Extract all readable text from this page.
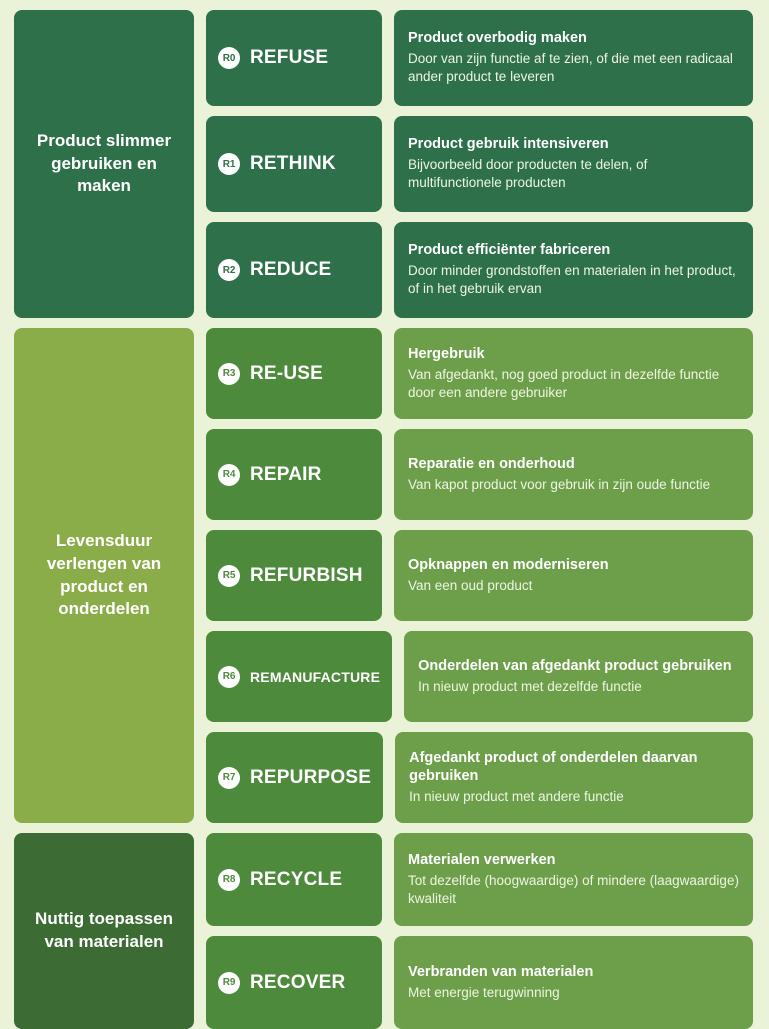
Product slimmer gebruiken en maken
R0 REFUSE
Product overbodig maken
Door van zijn functie af te zien, of die met een radicaal ander product te leveren
R1 RETHINK
Product gebruik intensiveren
Bijvoorbeeld door producten te delen, of multifunctionele producten
R2 REDUCE
Product efficiënter fabriceren
Door minder grondstoffen en materialen in het product, of in het gebruik ervan
Levensduur verlengen van product en onderdelen
R3 RE-USE
Hergebruik
Van afgedankt, nog goed product in dezelfde functie door een andere gebruiker
R4 REPAIR	Reparatie en onderhoud
Van kapot product voor gebruik in zijn oude functie
R5 REFURBISH	Opknappen en moderniseren
Van een oud product
R6	REMANUFACTURE
Onderdelen van afgedankt product gebruiken
In nieuw product met dezelfde functie
R7 REPURPOSE
Afgedankt product of onderdelen daarvan gebruiken
In nieuw product met andere functie
Nuttig toepassen van materialen
R8 RECYCLE
Materialen verwerken
Tot dezelfde (hoogwaardige) of mindere (laagwaardige) kwaliteit
R9 RECOVER	Verbranden van materialen
Met energie terugwinning
